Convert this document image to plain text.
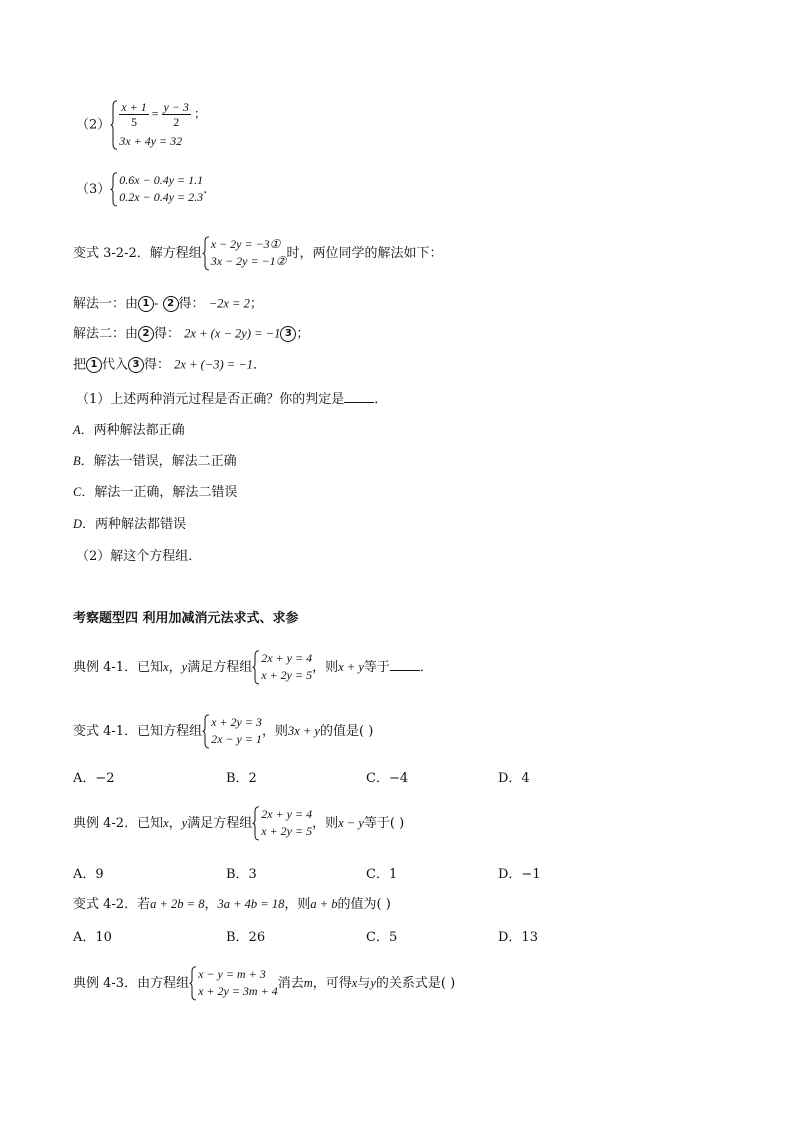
$(2) \frac{x + 1}{5} = \frac{y - 3}{2}$ ；
3x + 4y = 32
（3）
0.6x − 0.4y = 1.1
0.2x − 0.4y = 2.3
.
变式 3-2-2．解方程组
x − 2y = −3①
3x − 2y = −1②
时，两位同学的解法如下：
解法一：由 1 - 2 得： −2x = 2；
解法二：由 2 得： 2x + (x − 2y) = −1 3 ；
把 1 代入 3 得： 2x + (−3) = −1．
（1）上述两种消元过程是否正确？你的判定是 ．
A．两种解法都正确
B．解法一错误，解法二正确
C．解法一正确，解法二错误
D．两种解法都错误
（2）解这个方程组．
考察题型四 利用加减消元法求式、求参
典例 4-1．已知x，y满足方程组
2x + y = 4
x + 2y = 5
，则x + y等于 ．
变式 4-1．已知方程组
x + 2y = 3
2x − y = 1
，则3x + y的值是( )
A．−2	B．2	C．−4	D．4
典例 4-2．已知x，y满足方程组
2x + y = 4
x + 2y = 5
，则x − y等于( )
A．9	B．3	C．1	D．−1
变式 4-2．若a + 2b = 8，3a + 4b = 18，则a + b的值为( )
A．10	B．26	C．5	D．13
典例 4-3．由方程组
x − y = m + 3
x + 2y = 3m + 4
消去m，可得x与y的关系式是( )
